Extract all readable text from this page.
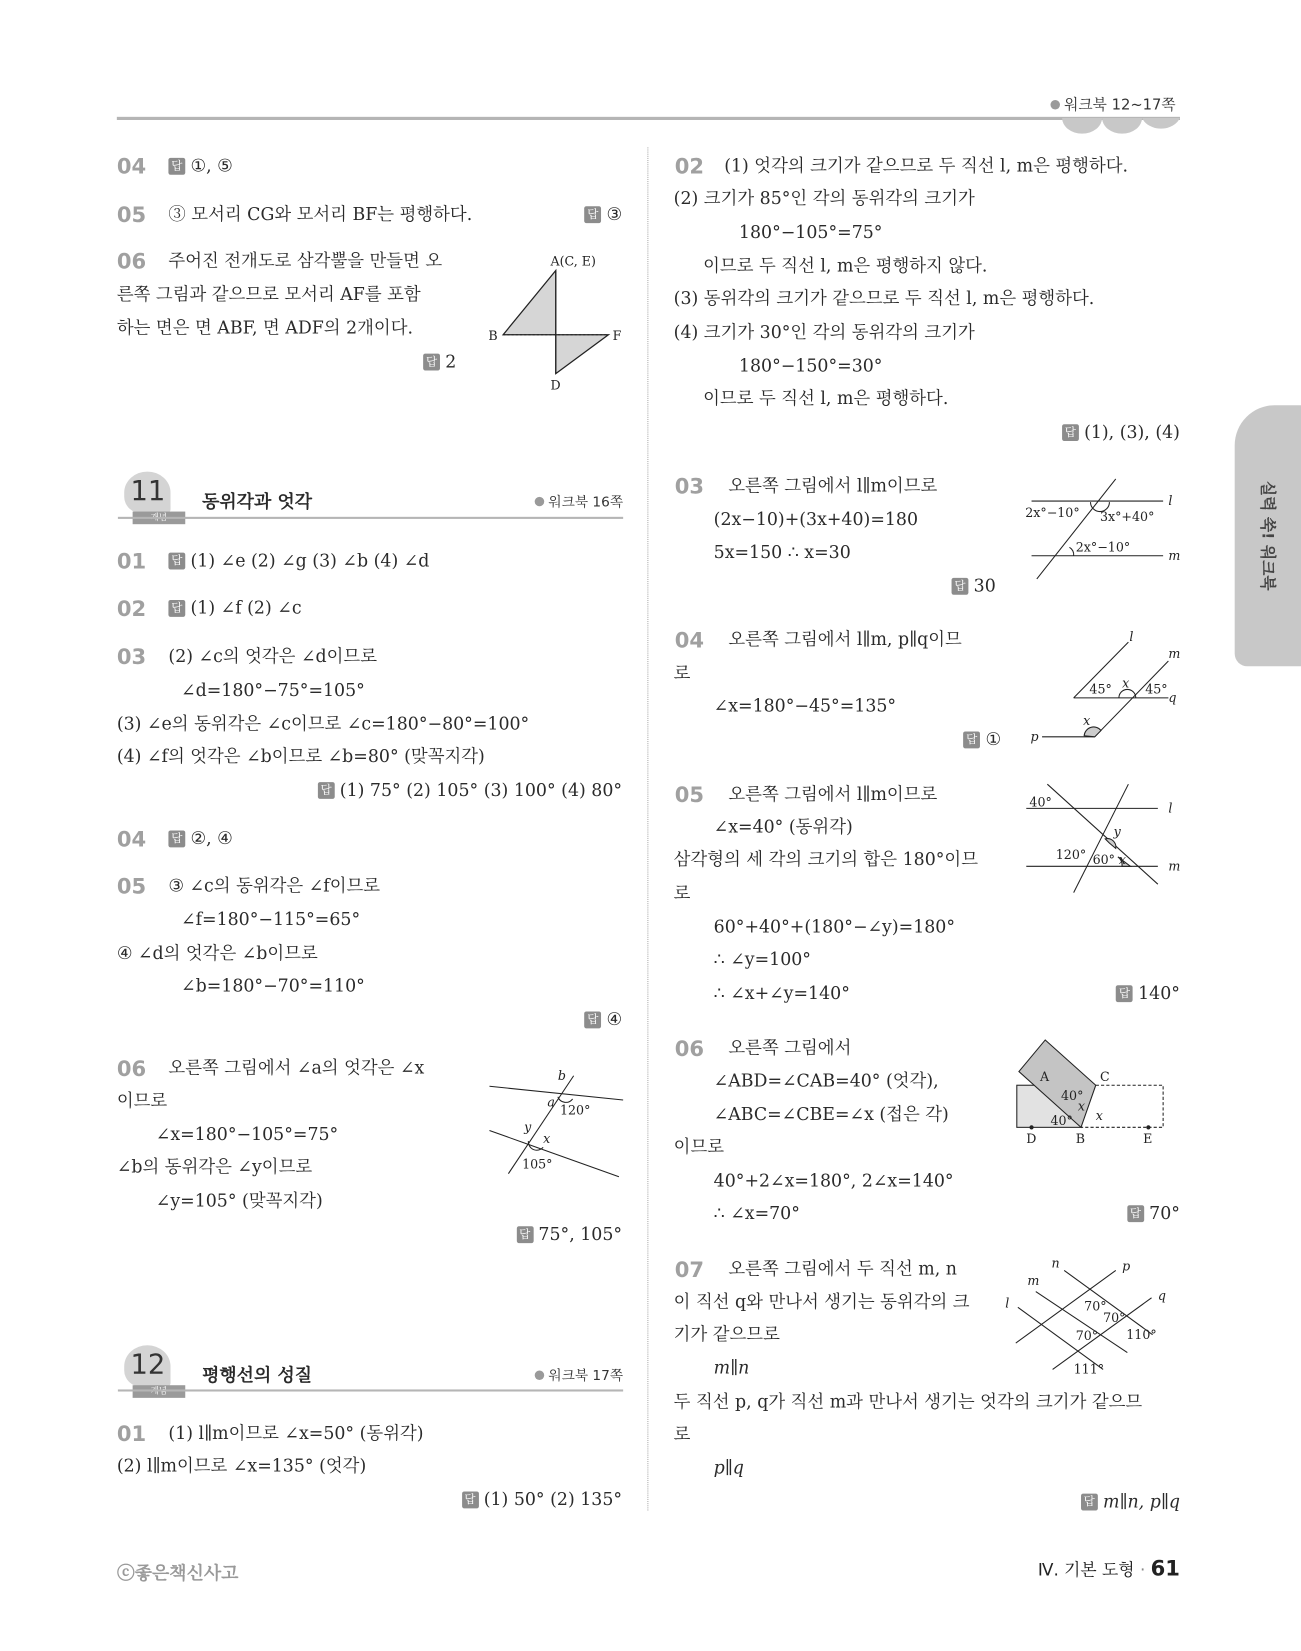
워크북 12~17쪽
실력 쑥! 워크북
04 답 ①, ⑤
05 ③ 모서리 CG와 모서리 BF는 평행하다.	답 ③
06 주어진 전개도로 삼각뿔을 만들면 오
른쪽 그림과 같으므로 모서리 AF를 포함
하는 면은 면 ABF, 면 ADF의 2개이다.
답 2
A(C, E)
B	F
D
11 동위각과 엇각	워크북 16쪽
01 답 (1) ∠e (2) ∠g (3) ∠b (4) ∠d
02 답 (1) ∠f (2) ∠c
03 (2) ∠c의 엇각은 ∠d이므로
∠d=180°−75°=105°
(3) ∠e의 동위각은 ∠c이므로 ∠c=180°−80°=100°
(4) ∠f의 엇각은 ∠b이므로 ∠b=80° (맞꼭지각)
답 (1) 75° (2) 105° (3) 100° (4) 80°
04 답 ②, ④
05 ③ ∠c의 동위각은 ∠f이므로
∠f=180°−115°=65°
④ ∠d의 엇각은 ∠b이므로
∠b=180°−70°=110°
답 ④
06 오른쪽 그림에서 ∠a의 엇각은 ∠x
이므로
∠x=180°−105°=75°
∠b의 동위각은 ∠y이므로
∠y=105° (맞꼭지각)
답 75°, 105°
b
a
120°
y
x
105°
12 평행선의 성질	워크북 17쪽
01 (1) l∥m이므로 ∠x=50° (동위각)
(2) l∥m이므로 ∠x=135° (엇각)
답 (1) 50° (2) 135°
02 (1) 엇각의 크기가 같으므로 두 직선 l, m은 평행하다.
(2) 크기가 85°인 각의 동위각의 크기가
180°−105°=75°
이므로 두 직선 l, m은 평행하지 않다.
(3) 동위각의 크기가 같으므로 두 직선 l, m은 평행하다.
(4) 크기가 30°인 각의 동위각의 크기가
180°−150°=30°
이므로 두 직선 l, m은 평행하다.
답 (1), (3), (4)
03 오른쪽 그림에서 l∥m이므로
(2x−10)+(3x+40)=180
5x=150 ∴ x=30
답 30
l
m
2x°−10° 3x°+40°
2x°−10°
04 오른쪽 그림에서 l∥m, p∥q이므
로
∠x=180°−45°=135°
답 ①
l
m
45° x 45°
q
x
p
05 오른쪽 그림에서 l∥m이므로
∠x=40° (동위각)
삼각형의 세 각의 크기의 합은 180°이므
로
60°+40°+(180°−∠y)=180°
∴ ∠y=100°
∴ ∠x+∠y=140°	답 140°
40°	l
y
120° 60° x	m
06 오른쪽 그림에서
∠ABD=∠CAB=40° (엇각),
∠ABC=∠CBE=∠x (접은 각)
이므로
40°+2∠x=180°, 2∠x=140°
∴ ∠x=70°	답 70°
A	C
40°
x
40° x
D	B	E
07 오른쪽 그림에서 두 직선 m, n
이 직선 q와 만나서 생기는 동위각의 크
기가 같으므로
m∥n
두 직선 p, q가 직선 m과 만나서 생기는 엇각의 크기가 같으므
로
p∥q
답 m∥n, p∥q
n	p
m
q
l	70°
70°
70° 110°
111°
ⓒ좋은책신사고	Ⅳ. 기본 도형 · 61
